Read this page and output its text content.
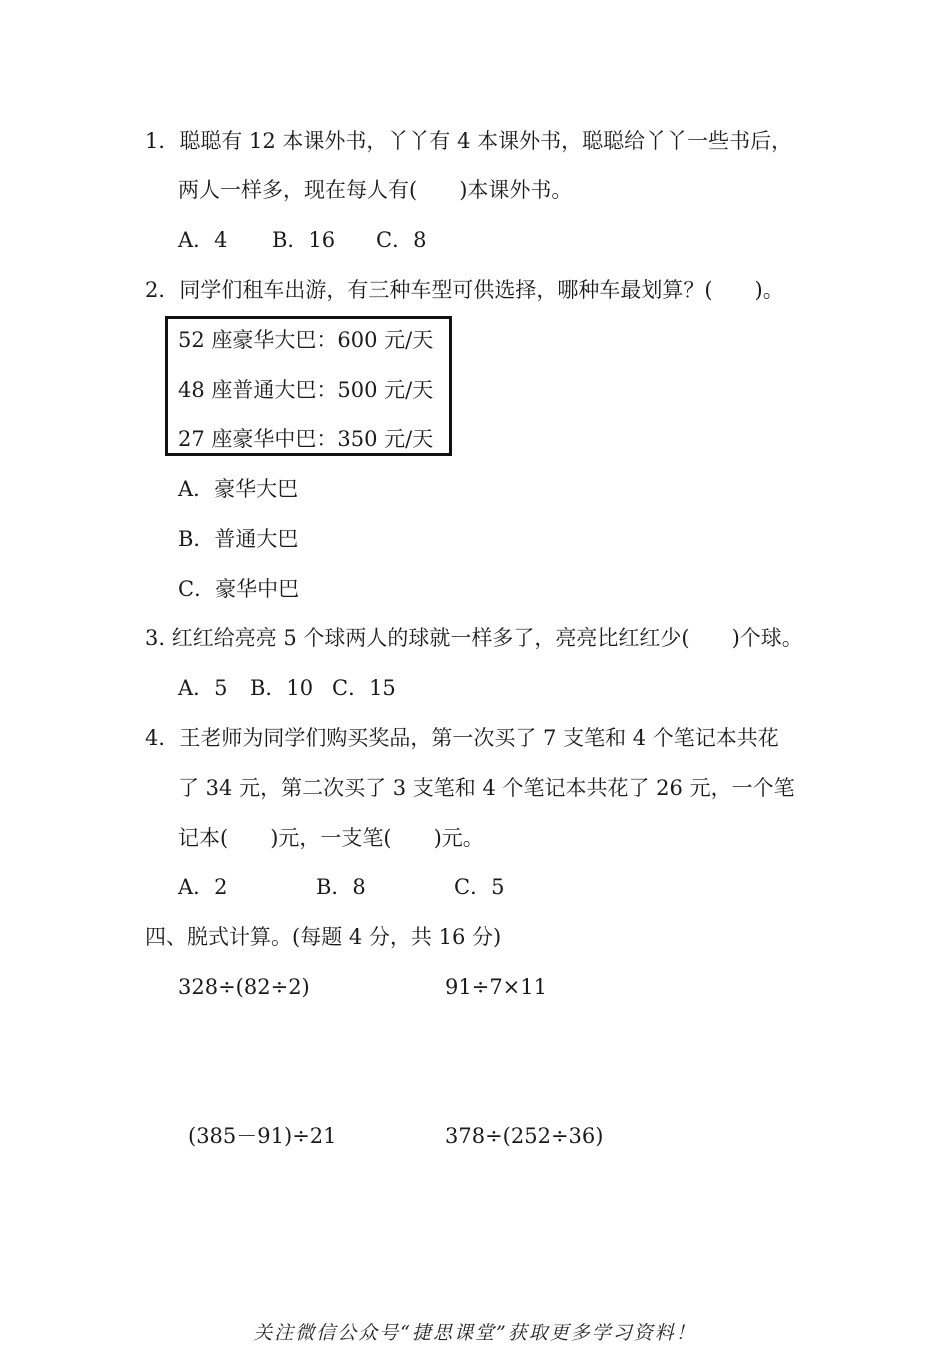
1．聪聪有 12 本课外书，丫丫有 4 本课外书，聪聪给丫丫一些书后，
两人一样多，现在每人有(　　)本课外书。
A．4 B．16 C．8
2．同学们租车出游，有三种车型可供选择，哪种车最划算？(　　)。
52 座豪华大巴：600 元/天
48 座普通大巴：500 元/天
27 座豪华中巴：350 元/天
A．豪华大巴
B．普通大巴
C．豪华中巴
3. 红红给亮亮 5 个球两人的球就一样多了，亮亮比红红少(　　)个球。
A．5 B．10 C．15
4．王老师为同学们购买奖品，第一次买了 7 支笔和 4 个笔记本共花
了 34 元，第二次买了 3 支笔和 4 个笔记本共花了 26 元，一个笔
记本(　　)元，一支笔(　　)元。
A．2	B．8	C．5
四、脱式计算。(每题 4 分，共 16 分)
328÷(82÷2)	91÷7×11
(385－91)÷21	378÷(252÷36)
关注微信公众号“捷思课堂”获取更多学习资料！
